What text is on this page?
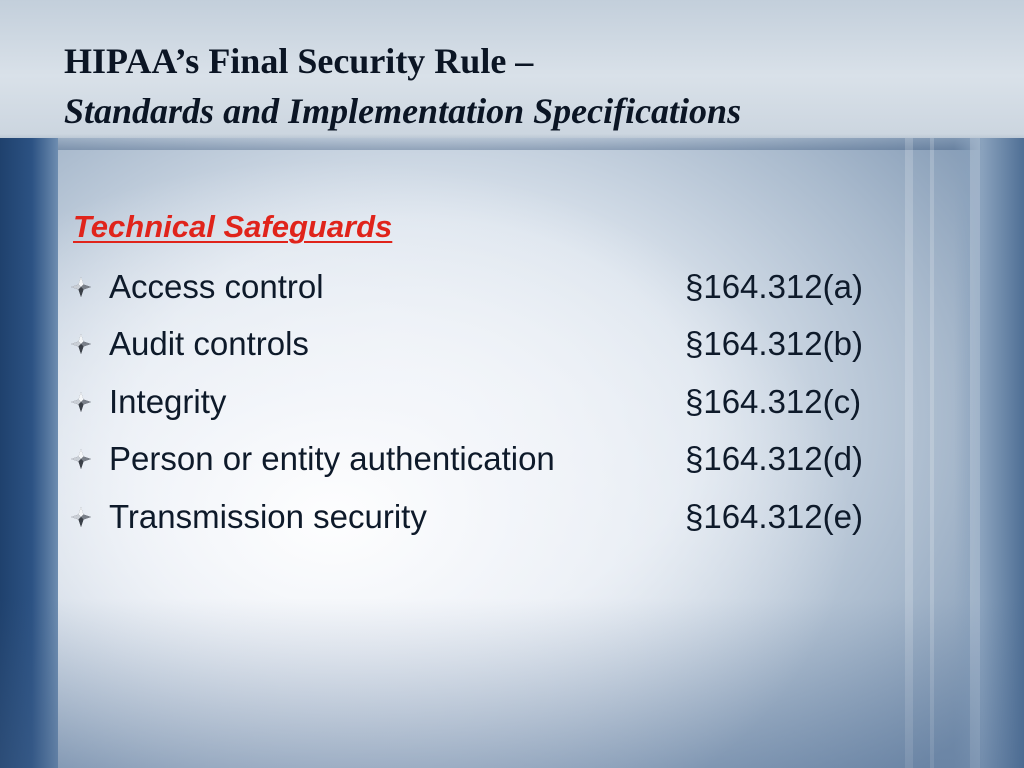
HIPAA’s Final Security Rule –
Standards and Implementation Specifications
Technical Safeguards
Access control	§164.312(a)
Audit controls	§164.312(b)
Integrity	§164.312(c)
Person or entity authentication	§164.312(d)
Transmission security	§164.312(e)
